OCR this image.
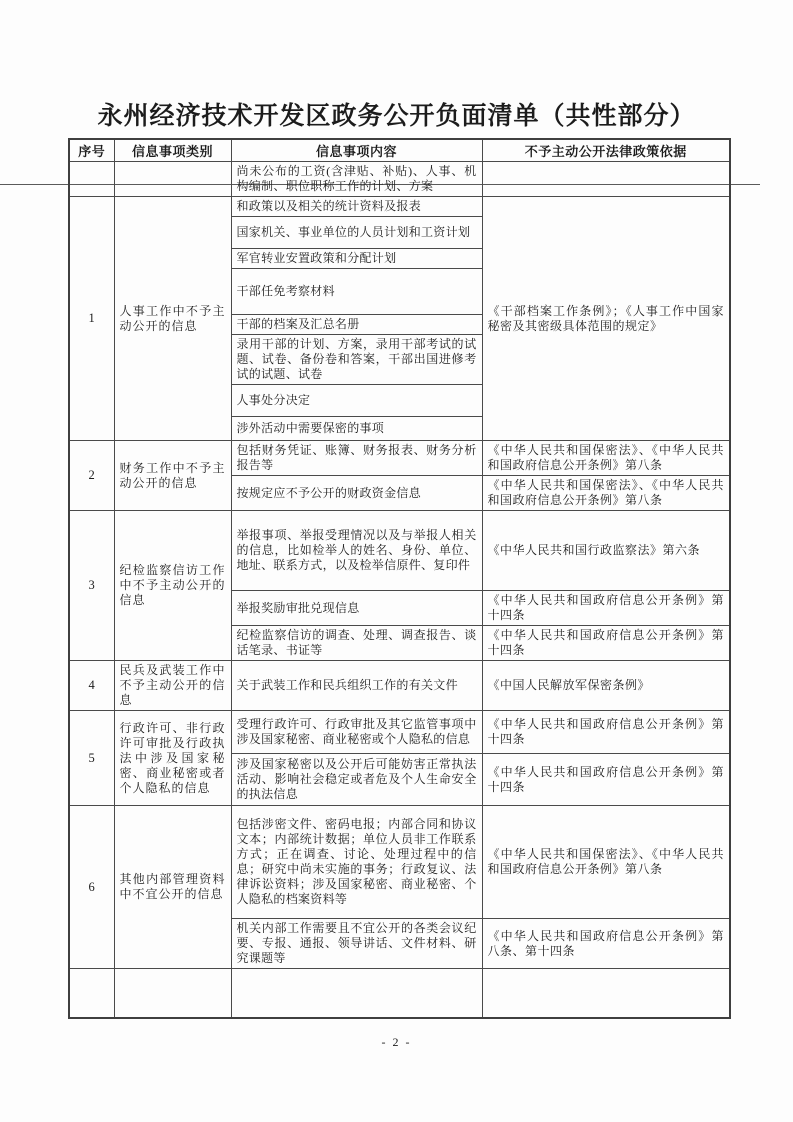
永州经济技术开发区政务公开负面清单（共性部分）
序号	信息事项类别	信息事项内容	不予主动公开法律政策依据
		尚未公布的工资(含津贴、补贴)、人事、机构编制、职位职称工作的计划、方案	
1	人事工作中不予主动公开的信息	和政策以及相关的统计资料及报表	《干部档案工作条例》；《人事工作中国家秘密及其密级具体范围的规定》
		国家机关、事业单位的人员计划和工资计划	
		军官转业安置政策和分配计划	
		干部任免考察材料	
		干部的档案及汇总名册	
		录用干部的计划、方案，录用干部考试的试题、试卷、备份卷和答案，干部出国进修考试的试题、试卷	
		人事处分决定	
		涉外活动中需要保密的事项	
2	财务工作中不予主动公开的信息	包括财务凭证、账簿、财务报表、财务分析报告等	《中华人民共和国保密法》、《中华人民共和国政府信息公开条例》第八条
		按规定应不予公开的财政资金信息	《中华人民共和国保密法》、《中华人民共和国政府信息公开条例》第八条
3	纪检监察信访工作中不予主动公开的信息	举报事项、举报受理情况以及与举报人相关的信息，比如检举人的姓名、身份、单位、地址、联系方式，以及检举信原件、复印件	《中华人民共和国行政监察法》第六条
		举报奖励审批兑现信息	《中华人民共和国政府信息公开条例》第十四条
		纪检监察信访的调查、处理、调查报告、谈话笔录、书证等	《中华人民共和国政府信息公开条例》第十四条
4	民兵及武装工作中不予主动公开的信息	关于武装工作和民兵组织工作的有关文件	《中国人民解放军保密条例》
5	行政许可、非行政许可审批及行政执法中涉及国家秘密、商业秘密或者个人隐私的信息	受理行政许可、行政审批及其它监管事项中涉及国家秘密、商业秘密或个人隐私的信息	《中华人民共和国政府信息公开条例》第十四条
		涉及国家秘密以及公开后可能妨害正常执法活动、影响社会稳定或者危及个人生命安全的执法信息	《中华人民共和国政府信息公开条例》第十四条
6	其他内部管理资料中不宜公开的信息	包括涉密文件、密码电报；内部合同和协议文本；内部统计数据；单位人员非工作联系方式；正在调查、讨论、处理过程中的信息；研究中尚未实施的事务；行政复议、法律诉讼资料；涉及国家秘密、商业秘密、个人隐私的档案资料等	《中华人民共和国保密法》、《中华人民共和国政府信息公开条例》第八条
		机关内部工作需要且不宜公开的各类会议纪要、专报、通报、领导讲话、文件材料、研究课题等	《中华人民共和国政府信息公开条例》第八条、第十四条

- 2 -
